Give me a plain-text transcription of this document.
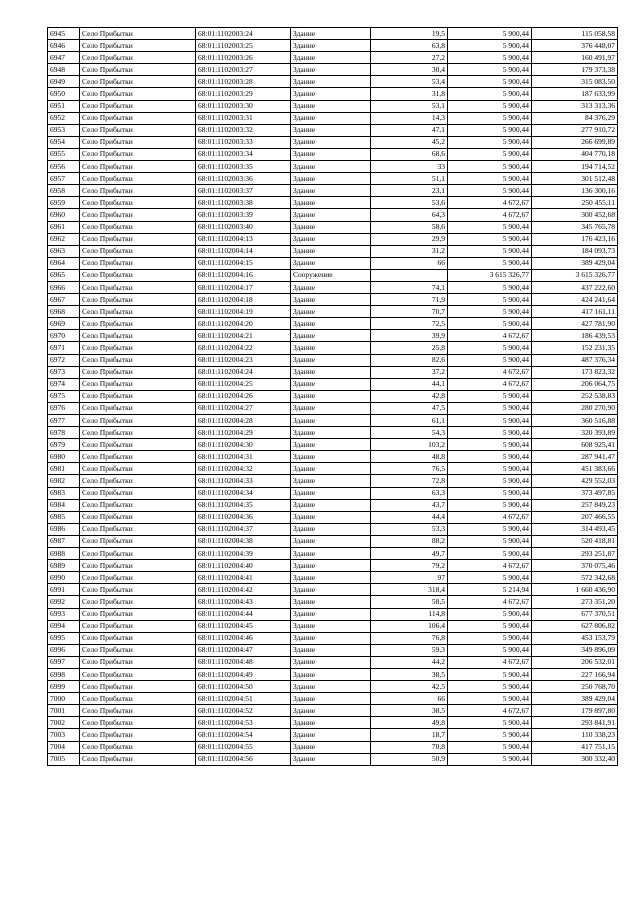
6945	Село Прибытки	68:01:1102003:24	Здание	19,5	5 900,44	115 058,58
6946	Село Прибытки	68:01:1102003:25	Здание	63,8	5 900,44	376 448,07
6947	Село Прибытки	68:01:1102003:26	Здание	27,2	5 900,44	160 491,97
6948	Село Прибытки	68:01:1102003:27	Здание	30,4	5 900,44	179 373,38
6949	Село Прибытки	68:01:1102003:28	Здание	53,4	5 900,44	315 083,50
6950	Село Прибытки	68:01:1102003:29	Здание	31,8	5 900,44	187 633,99
6951	Село Прибытки	68:01:1102003:30	Здание	53,1	5 900,44	313 313,36
6952	Село Прибытки	68:01:1102003:31	Здание	14,3	5 900,44	84 376,29
6953	Село Прибытки	68:01:1102003:32	Здание	47,1	5 900,44	277 910,72
6954	Село Прибытки	68:01:1102003:33	Здание	45,2	5 900,44	266 699,89
6955	Село Прибытки	68:01:1102003:34	Здание	68,6	5 900,44	404 770,18
6956	Село Прибытки	68:01:1102003:35	Здание	33	5 900,44	194 714,52
6957	Село Прибытки	68:01:1102003:36	Здание	51,1	5 900,44	301 512,48
6958	Село Прибытки	68:01:1102003:37	Здание	23,1	5 900,44	136 300,16
6959	Село Прибытки	68:01:1102003:38	Здание	53,6	4 672,67	250 455,11
6960	Село Прибытки	68:01:1102003:39	Здание	64,3	4 672,67	300 452,68
6961	Село Прибытки	68:01:1102003:40	Здание	58,6	5 900,44	345 765,78
6962	Село Прибытки	68:01:1102004:13	Здание	29,9	5 900,44	176 423,16
6963	Село Прибытки	68:01:1102004:14	Здание	31,2	5 900,44	184 093,73
6964	Село Прибытки	68:01:1102004:15	Здание	66	5 900,44	389 429,04
6965	Село Прибытки	68:01:1102004:16	Сооружение		3 615 326,77	3 615 326,77
6966	Село Прибытки	68:01:1102004:17	Здание	74,1	5 900,44	437 222,60
6967	Село Прибытки	68:01:1102004:18	Здание	71,9	5 900,44	424 241,64
6968	Село Прибытки	68:01:1102004:19	Здание	70,7	5 900,44	417 161,11
6969	Село Прибытки	68:01:1102004:20	Здание	72,5	5 900,44	427 781,90
6970	Село Прибытки	68:01:1102004:21	Здание	39,9	4 672,67	186 439,53
6971	Село Прибытки	68:01:1102004:22	Здание	25,8	5 900,44	152 231,35
6972	Село Прибытки	68:01:1102004:23	Здание	82,6	5 900,44	487 376,34
6973	Село Прибытки	68:01:1102004:24	Здание	37,2	4 672,67	173 823,32
6974	Село Прибытки	68:01:1102004:25	Здание	44,1	4 672,67	206 064,75
6975	Село Прибытки	68:01:1102004:26	Здание	42,8	5 900,44	252 538,83
6976	Село Прибытки	68:01:1102004:27	Здание	47,5	5 900,44	280 270,90
6977	Село Прибытки	68:01:1102004:28	Здание	61,1	5 900,44	360 516,88
6978	Село Прибытки	68:01:1102004:29	Здание	54,3	5 900,44	320 393,89
6979	Село Прибытки	68:01:1102004:30	Здание	103,2	5 900,44	608 925,41
6980	Село Прибытки	68:01:1102004:31	Здание	48,8	5 900,44	287 941,47
6981	Село Прибытки	68:01:1102004:32	Здание	76,5	5 900,44	451 383,66
6982	Село Прибытки	68:01:1102004:33	Здание	72,8	5 900,44	429 552,03
6983	Село Прибытки	68:01:1102004:34	Здание	63,3	5 900,44	373 497,85
6984	Село Прибытки	68:01:1102004:35	Здание	43,7	5 900,44	257 849,23
6985	Село Прибытки	68:01:1102004:36	Здание	44,4	4 672,67	207 466,55
6986	Село Прибытки	68:01:1102004:37	Здание	53,3	5 900,44	314 493,45
6987	Село Прибытки	68:01:1102004:38	Здание	88,2	5 900,44	520 418,81
6988	Село Прибытки	68:01:1102004:39	Здание	49,7	5 900,44	293 251,87
6989	Село Прибытки	68:01:1102004:40	Здание	79,2	4 672,67	370 075,46
6990	Село Прибытки	68:01:1102004:41	Здание	97	5 900,44	572 342,68
6991	Село Прибытки	68:01:1102004:42	Здание	318,4	5 214,94	1 660 436,90
6992	Село Прибытки	68:01:1102004:43	Здание	58,5	4 672,67	273 351,20
6993	Село Прибытки	68:01:1102004:44	Здание	114,8	5 900,44	677 370,51
6994	Село Прибытки	68:01:1102004:45	Здание	106,4	5 900,44	627 806,82
6995	Село Прибытки	68:01:1102004:46	Здание	76,8	5 900,44	453 153,79
6996	Село Прибытки	68:01:1102004:47	Здание	59,3	5 900,44	349 896,09
6997	Село Прибытки	68:01:1102004:48	Здание	44,2	4 672,67	206 532,01
6998	Село Прибытки	68:01:1102004:49	Здание	38,5	5 900,44	227 166,94
6999	Село Прибытки	68:01:1102004:50	Здание	42,5	5 900,44	250 768,70
7000	Село Прибытки	68:01:1102004:51	Здание	66	5 900,44	389 429,04
7001	Село Прибытки	68:01:1102004:52	Здание	38,5	4 672,67	179 897,80
7002	Село Прибытки	68:01:1102004:53	Здание	49,8	5 900,44	293 841,91
7003	Село Прибытки	68:01:1102004:54	Здание	18,7	5 900,44	110 338,23
7004	Село Прибытки	68:01:1102004:55	Здание	70,8	5 900,44	417 751,15
7005	Село Прибытки	68:01:1102004:56	Здание	50,9	5 900,44	300 332,40
